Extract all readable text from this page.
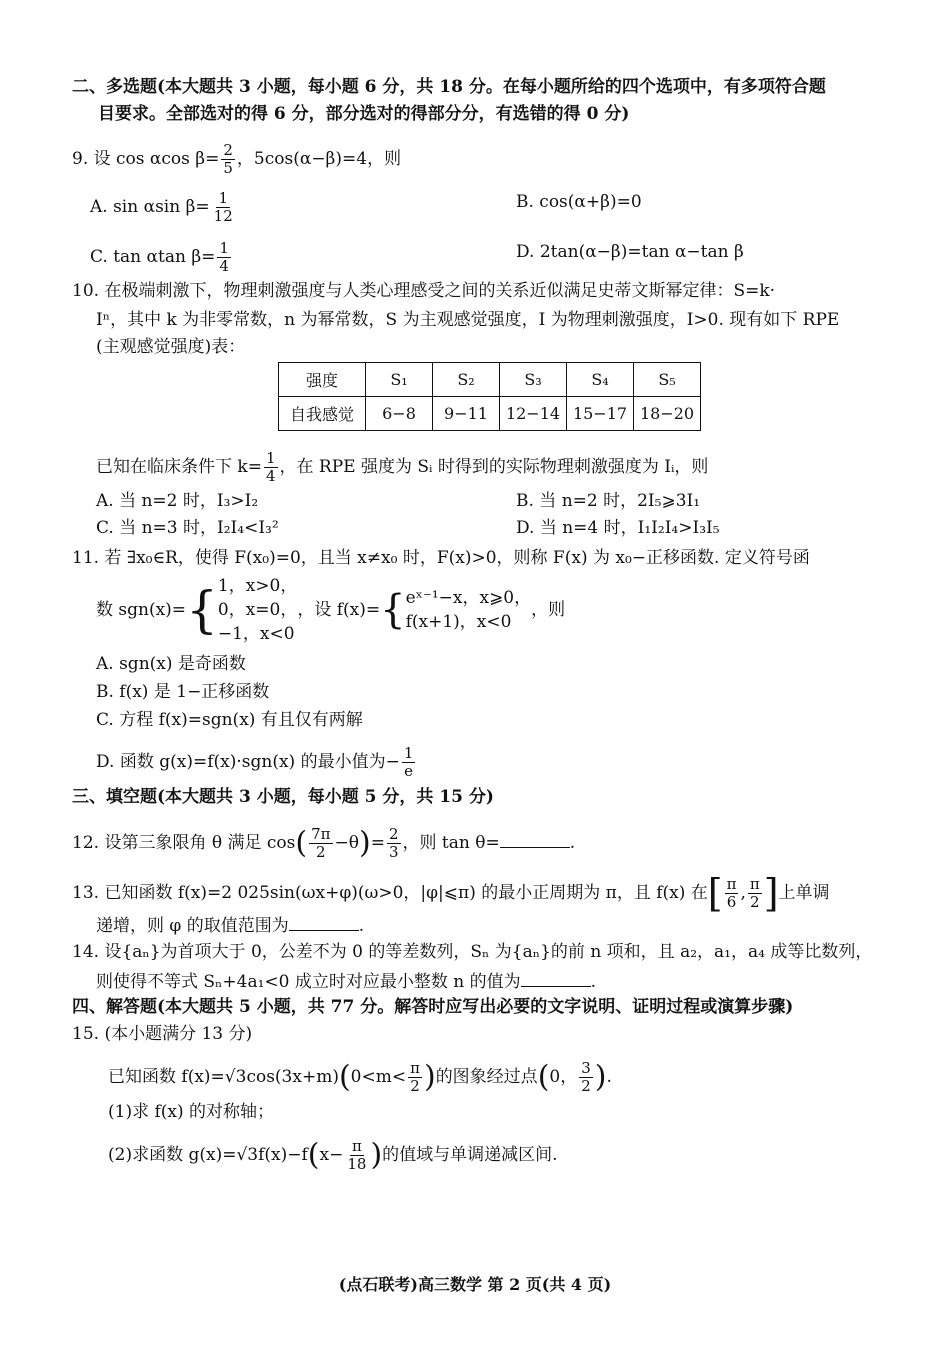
二、多选题(本大题共 3 小题，每小题 6 分，共 18 分。在每小题所给的四个选项中，有多项符合题
目要求。全部选对的得 6 分，部分选对的得部分分，有选错的得 0 分)
9. 设 cos αcos $\beta= \frac{2}{5}$ ，5cos(α−β)=4，则
A. sin αsin $\beta= \frac{1}{12}$	B. cos(α+β)=0
C. tan αtan $\beta= \frac{1}{4}$	D. 2tan(α−β)=tan α−tan β
10. 在极端刺激下，物理刺激强度与人类心理感受之间的关系近似满足史蒂文斯幂定律：S=k·
Iⁿ，其中 k 为非零常数，n 为幂常数，S 为主观感觉强度，I 为物理刺激强度，I>0. 现有如下 RPE
(主观感觉强度)表：
强度	S₁	S₂	S₃	S₄	S₅
自我感觉	6−8	9−11	12−14	15−17	18−20
已知在临床条件下 $k= \frac{1}{4}$ ，在 RPE 强度为 Sᵢ 时得到的实际物理刺激强度为 Iᵢ，则
A. 当 n=2 时，I₃>I₂	B. 当 n=2 时，2I₅⩾3I₁
C. 当 n=3 时，I₂I₄<I₃²	D. 当 n=4 时，I₁I₂I₄>I₃I₅
11. 若 ∃x₀∈R，使得 F(x₀)=0，且当 x≠x₀ 时，F(x)>0，则称 F(x) 为 x₀−正移函数. 定义符号函
数 sgn(x)= { 1，x>0，
0，x=0，
−1，x<0
，设 f(x)= { eˣ⁻¹−x，x⩾0，
f(x+1)，x<0
，则
A. sgn(x) 是奇函数
B. f(x) 是 1−正移函数
C. 方程 f(x)=sgn(x) 有且仅有两解
D. 函数 g(x)=f(x)·sgn(x) 的最小值为− $\frac{1}{e}$
三、填空题(本大题共 3 小题，每小题 5 分，共 15 分)
12. 设第三象限角 θ 满足 $\cos( \frac{7\pi}{2} -\theta)= \frac{2}{3}$ ，则 tan θ=	.
13. 已知函数 f(x)=2 025sin(ωx+φ)(ω>0，|φ|⩽π) 的最小正周期为 π，且 f(x) 在[ $\frac{\pi}{6}$ , $\frac{\pi}{2}$ ]上单调
递增，则 φ 的取值范围为	.
14. 设{aₙ}为首项大于 0，公差不为 0 的等差数列，Sₙ 为{aₙ}的前 n 项和，且 a₂，a₁，a₄ 成等比数列，
则使得不等式 Sₙ+4a₁<0 成立时对应最小整数 n 的值为	.
四、解答题(本大题共 5 小题，共 77 分。解答时应写出必要的文字说明、证明过程或演算步骤)
15. (本小题满分 13 分)
已知函数 $f(x)=√3\cos(3x+m)(0<m< \frac{\pi}{2}$ )的图象经过点(0， $\frac{3}{2}$ ).
(1)求 f(x) 的对称轴；
(2)求函数 $g(x)=√3f(x)-f(x- \frac{\pi}{18}$ )的值域与单调递减区间.
(点石联考)高三数学 第 2 页(共 4 页)
